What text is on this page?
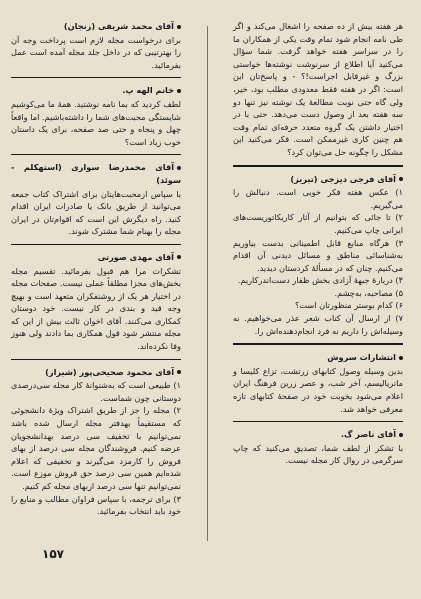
هر هفته بیش از ده صفحه را اشغال می‌کند و اگر طی نامه انجام شود تمام وقت یکی از همکاران ما را در سراسر هفته خواهد گرفت. شما سؤال می‌کنید آیا اطلاع از سرنوشت نوشته‌ها خواستی بزرگ و غیرقابل اجراست!؟ - و پاسخ‌تان این است: اگر در هفته فقط معدودی مطلب بود، خیر، ولی گاه حتی نوبت مطالعهٔ یک نوشته نیز تنها دو سه هفته بعد از وصول دست می‌دهد. حتی با در اختیار داشتن یک گروه متعدد حرفه‌ای تمام وقت هم چنین کاری غیرممکن است. فکر می‌کنید این مشکل را چگونه حل می‌توان کرد؟
آقای فرجی دیزجی (تبریز)
۱) عکس هفته فکر خوبی است. دنبالش را می‌گیریم.
۲) تا جائی که بتوانیم از آثار کاریکاتوریست‌های ایرانی چاپ می‌کنیم.
۳) هرگاه منابع قابل اطمینانی بدست بیاوریم به‌شناسائی مناطق و مسائل دیدنی آن اقدام می‌کنیم. چنان که در مسألهٔ کردستان دیدید.
۴) دربارهٔ جبههٔ آزادی بخش ظفار دست‌اندرکاریم.
۵) مصاحبه، به‌چشم.
۶) کدام بوستر منظورتان است؟
۷) از ارسال آن کتاب شعر عذر می‌خواهیم. نه وسیله‌اش را داریم نه فرد انجام‌دهنده‌اش را.
انتشارات سروش
بدین وسیله وصول کتابهای زرتشت، تزاع کلیسا و ماتریالیسم، آخر شب، و عصر زرین فرهنگ ایران اعلام می‌شود بخوبت خود در صفحهٔ کتابهای تازه معرفی خواهد شد.
آقای ناصر گ.
با تشکر از لطف شما، تصدیق می‌کنید که چاپ سرگرمی در روال کار مجله نیست.
آقای محمد شریفی (زنجان)
برای درخواست مجله لازم است پرداخت وجه آن را بهترتیبی که در داخل جلد مجله آمده است عمل بفرمائید.
خانم الهه پ.
لطف کردید که بما نامه نوشتید. همهٔ ما می‌کوشیم شایستگی محبت‌های شما را داشته‌باشیم. اما واقعاً چهل و پنجاه و حتی صد صفحه، برای یک داستان خوب زیاد است؟
آقای محمدرضا سواری (استهکلم - سوئد)
با سپاس ازمحبت‌هایتان برای اشتراک کتاب جمعه می‌توانید از طریق بانک یا صادرات ایران اقدام کنید. راه دیگرش این است که اقوام‌تان در ایران مجله را بهنام شما مشترک شوند.
آقای مهدی صورتی
تشکرات مرا هم قبول بفرمائید. تقسیم مجله بخش‌های مجزا مطلقاً عملی نیست. صفحات مجله در اختیار هر یک از روشنفکران متعهد است و بهیچ وجه قید و بندی در کار نیست. خود دوستان کمکاری می‌کنند. آقای اخوان ثالث بیش از این که مجله منتشر شود قول همکاری بما دادند ولی هنوز وفا نکرده‌اند.
آقای محمود صحیحی‌پور (شیراز)
۱) طبیعی است که به‌شتوانهٔ کار مجله سی‌درصدی دوستانی چون شماست.
۲) مجله را جز از طریق اشتراک ویژهٔ دانشجوئی که مستقیماً بهدفتر مجله ارسال شده باشد نمی‌توانیم با تخفیف سی درصد بهدانشجویان عرضه کنیم. فروشندگان مجله سی درصد از بهای فروش را کارمزد می‌گیرند و تخفیفی که اعلام شده‌ایم همین سی درصد حق فروش موزع است. نمی‌توانیم تنها سی درصد ازبهای مجله کم کنیم.
۳) برای ترجمه، با سپاس فراوان مطالب و منابع را خود باید انتخاب بفرمائید.
۱۵۷
